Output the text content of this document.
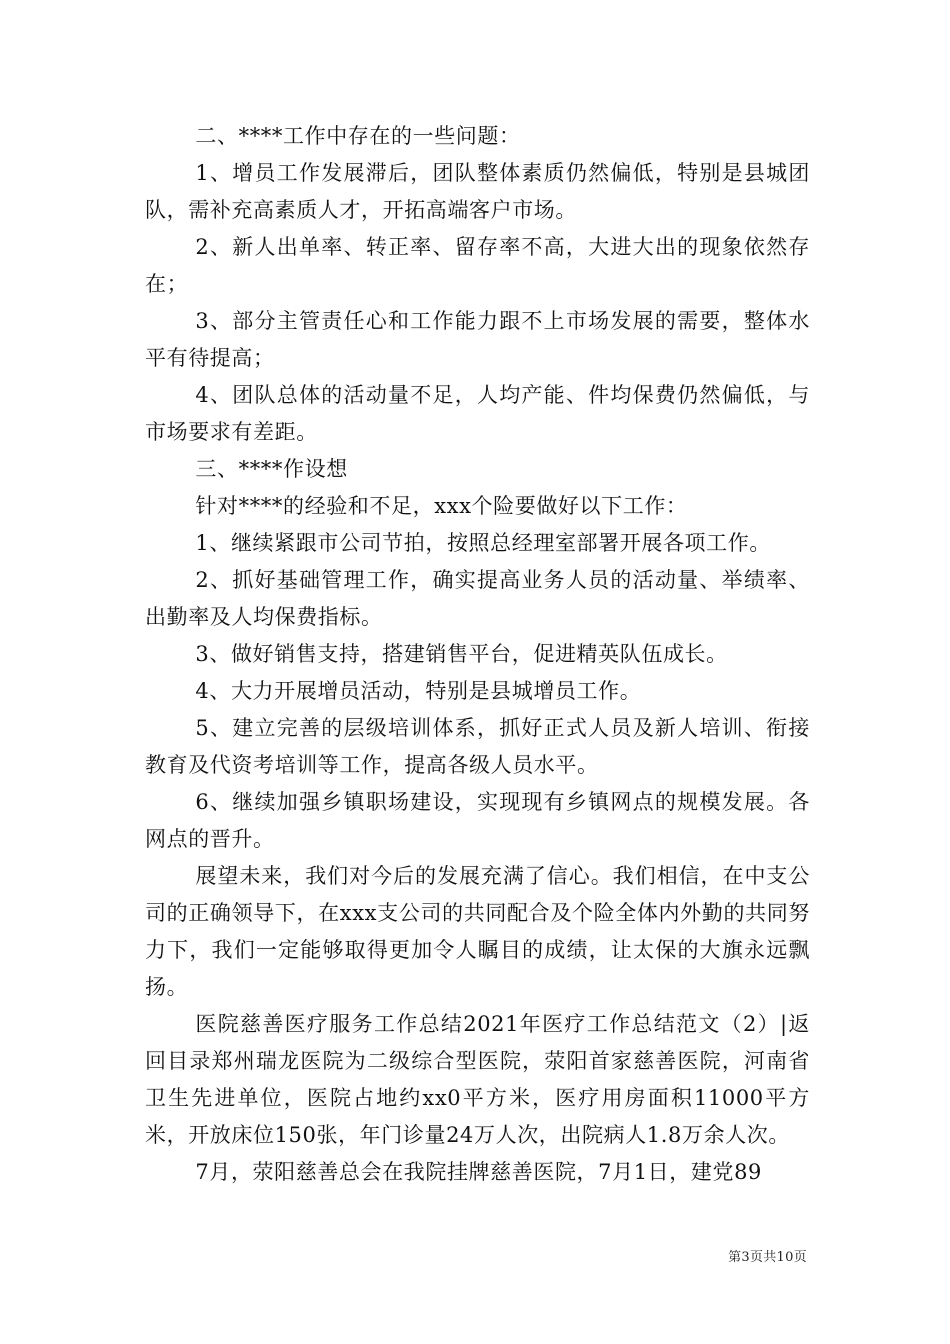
二、****工作中存在的一些问题：

1、增员工作发展滞后，团队整体素质仍然偏低，特别是县城团队，需补充高素质人才，开拓高端客户市场。

2、新人出单率、转正率、留存率不高，大进大出的现象依然存在；

3、部分主管责任心和工作能力跟不上市场发展的需要，整体水平有待提高；

4、团队总体的活动量不足，人均产能、件均保费仍然偏低，与市场要求有差距。

三、****作设想

针对****的经验和不足，xxx个险要做好以下工作：

1、继续紧跟市公司节拍，按照总经理室部署开展各项工作。

2、抓好基础管理工作，确实提高业务人员的活动量、举绩率、出勤率及人均保费指标。

3、做好销售支持，搭建销售平台，促进精英队伍成长。

4、大力开展增员活动，特别是县城增员工作。

5、建立完善的层级培训体系，抓好正式人员及新人培训、衔接教育及代资考培训等工作，提高各级人员水平。

6、继续加强乡镇职场建设，实现现有乡镇网点的规模发展。各网点的晋升。

展望未来，我们对今后的发展充满了信心。我们相信，在中支公司的正确领导下，在xxx支公司的共同配合及个险全体内外勤的共同努力下，我们一定能够取得更加令人瞩目的成绩，让太保的大旗永远飘扬。

医院慈善医疗服务工作总结2021年医疗工作总结范文（2）|返回目录郑州瑞龙医院为二级综合型医院，荥阳首家慈善医院，河南省卫生先进单位，医院占地约xx0平方米，医疗用房面积11000平方米，开放床位150张，年门诊量24万人次，出院病人1.8万余人次。

7月，荥阳慈善总会在我院挂牌慈善医院，7月1日，建党89

第3页共10页
